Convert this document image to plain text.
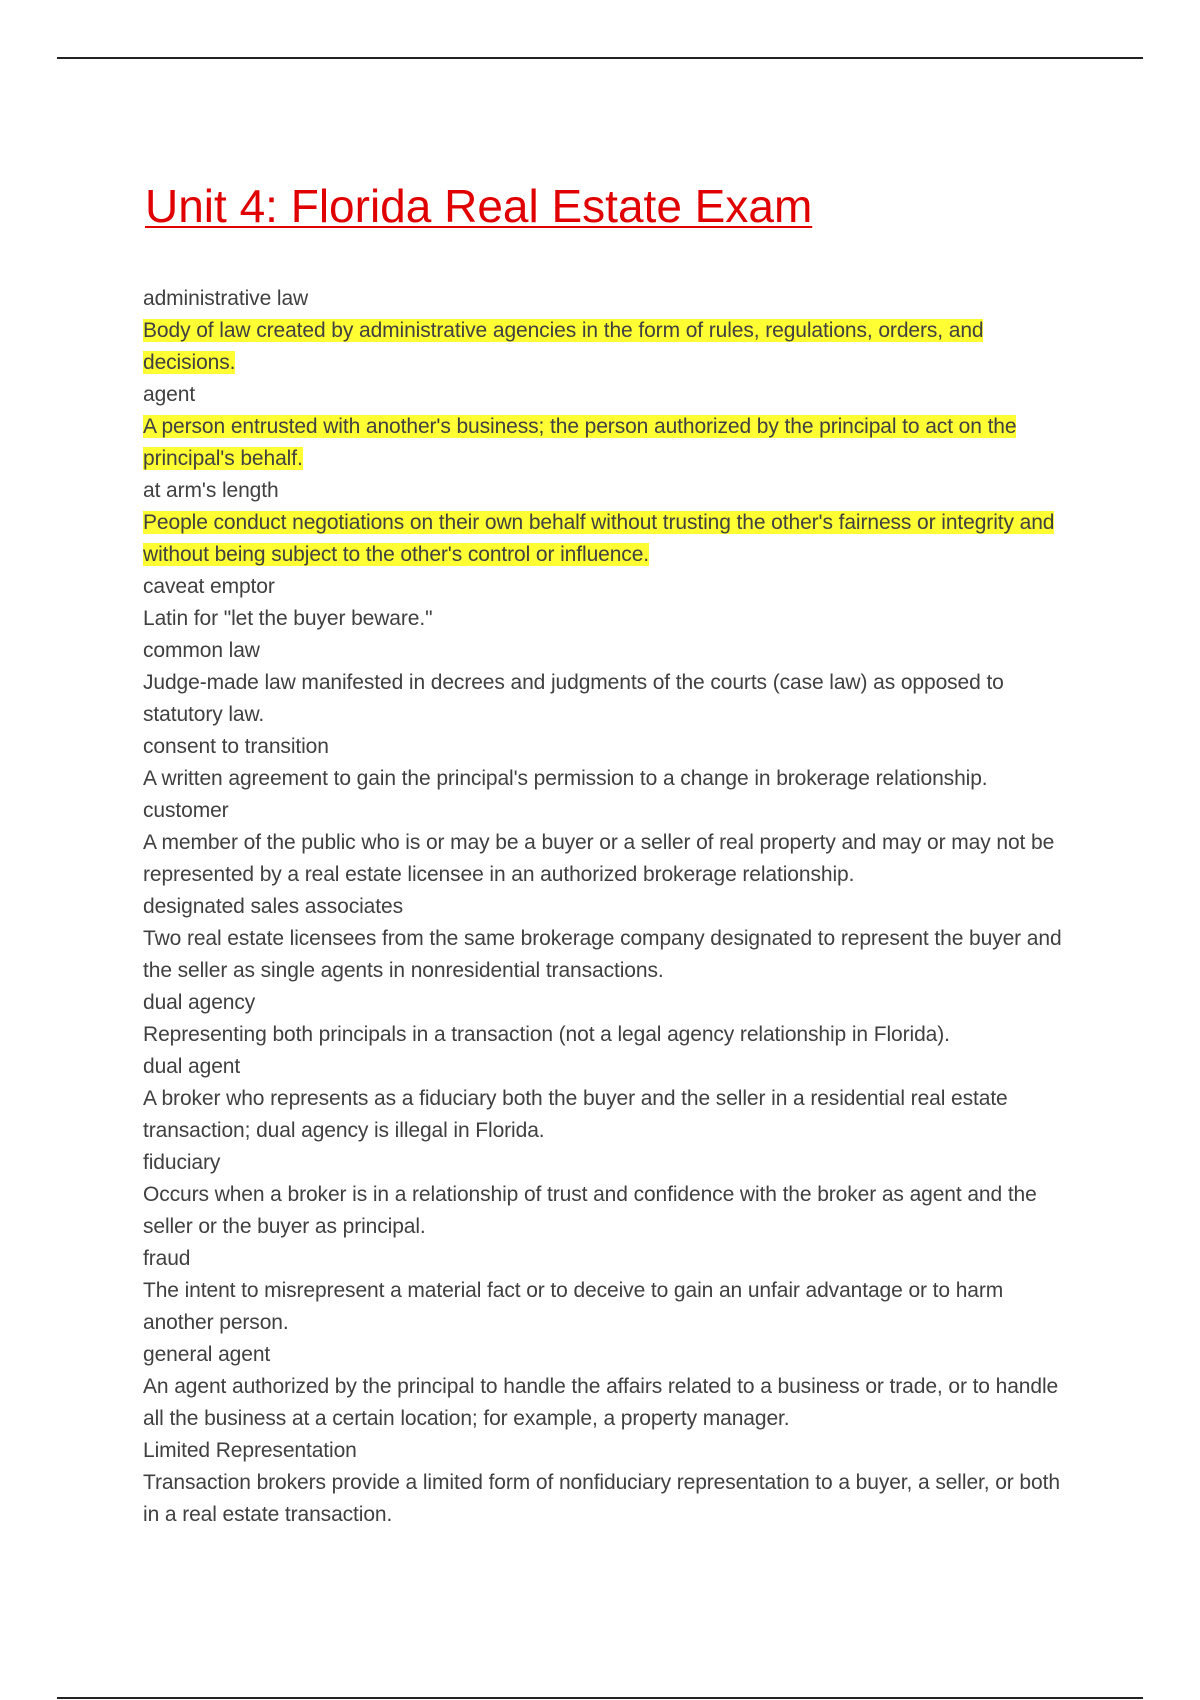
Unit 4: Florida Real Estate Exam

administrative law

Body of law created by administrative agencies in the form of rules, regulations, orders, and decisions.

agent

A person entrusted with another's business; the person authorized by the principal to act on the principal's behalf.

at arm's length

People conduct negotiations on their own behalf without trusting the other's fairness or integrity and without being subject to the other's control or influence.

caveat emptor

Latin for "let the buyer beware."

common law

Judge-made law manifested in decrees and judgments of the courts (case law) as opposed to statutory law.

consent to transition

A written agreement to gain the principal's permission to a change in brokerage relationship.

customer

A member of the public who is or may be a buyer or a seller of real property and may or may not be represented by a real estate licensee in an authorized brokerage relationship.

designated sales associates

Two real estate licensees from the same brokerage company designated to represent the buyer and the seller as single agents in nonresidential transactions.

dual agency

Representing both principals in a transaction (not a legal agency relationship in Florida).

dual agent

A broker who represents as a fiduciary both the buyer and the seller in a residential real estate transaction; dual agency is illegal in Florida.

fiduciary

Occurs when a broker is in a relationship of trust and confidence with the broker as agent and the seller or the buyer as principal.

fraud

The intent to misrepresent a material fact or to deceive to gain an unfair advantage or to harm another person.

general agent

An agent authorized by the principal to handle the affairs related to a business or trade, or to handle all the business at a certain location; for example, a property manager.

Limited Representation

Transaction brokers provide a limited form of nonfiduciary representation to a buyer, a seller, or both in a real estate transaction.
